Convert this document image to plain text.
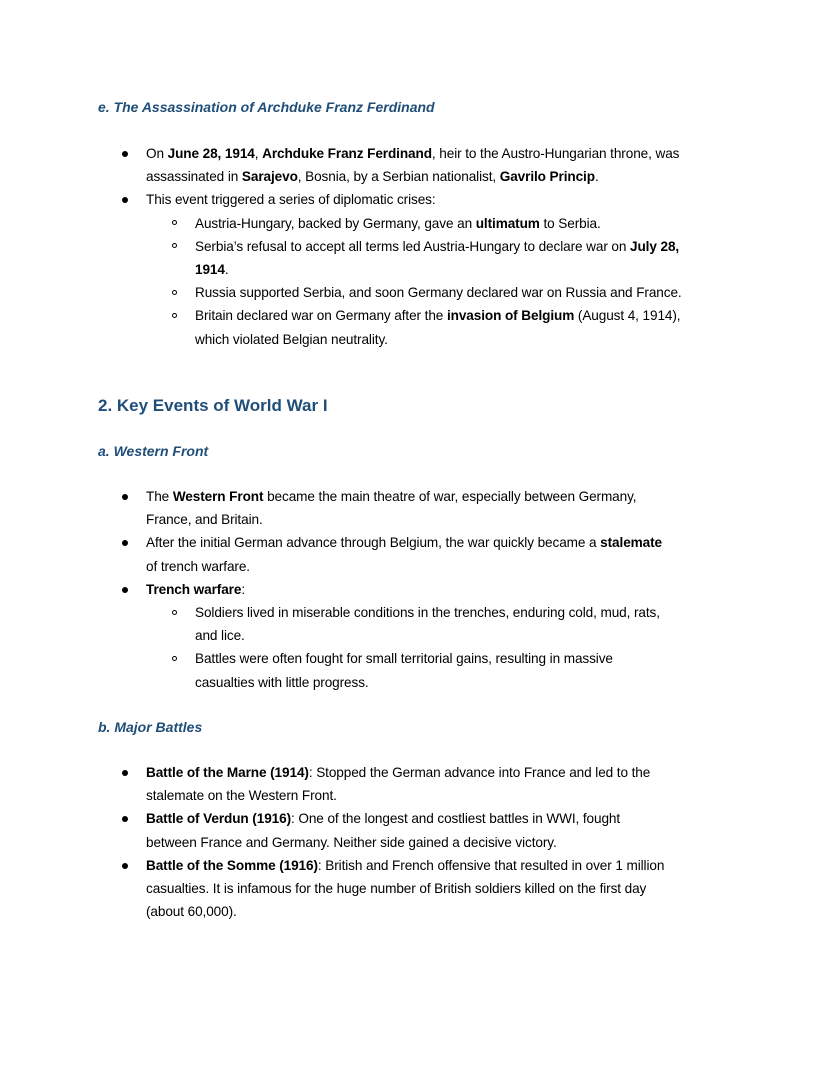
e. The Assassination of Archduke Franz Ferdinand
On June 28, 1914, Archduke Franz Ferdinand, heir to the Austro-Hungarian throne, was
assassinated in Sarajevo, Bosnia, by a Serbian nationalist, Gavrilo Princip.
This event triggered a series of diplomatic crises:
Austria-Hungary, backed by Germany, gave an ultimatum to Serbia.
Serbia’s refusal to accept all terms led Austria-Hungary to declare war on July 28,
1914.
Russia supported Serbia, and soon Germany declared war on Russia and France.
Britain declared war on Germany after the invasion of Belgium (August 4, 1914),
which violated Belgian neutrality.
2. Key Events of World War I
a. Western Front
The Western Front became the main theatre of war, especially between Germany,
France, and Britain.
After the initial German advance through Belgium, the war quickly became a stalemate
of trench warfare.
Trench warfare:
Soldiers lived in miserable conditions in the trenches, enduring cold, mud, rats,
and lice.
Battles were often fought for small territorial gains, resulting in massive
casualties with little progress.
b. Major Battles
Battle of the Marne (1914): Stopped the German advance into France and led to the
stalemate on the Western Front.
Battle of Verdun (1916): One of the longest and costliest battles in WWI, fought
between France and Germany. Neither side gained a decisive victory.
Battle of the Somme (1916): British and French offensive that resulted in over 1 million
casualties. It is infamous for the huge number of British soldiers killed on the first day
(about 60,000).
